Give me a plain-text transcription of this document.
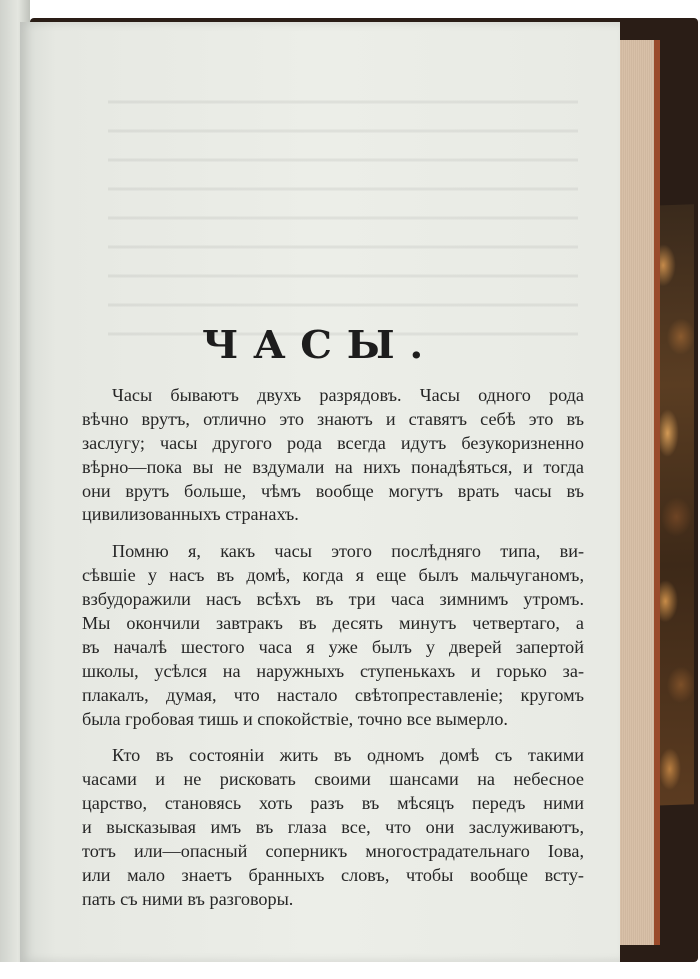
ЧАСЫ.
Часы бываютъ двухъ разрядовъ. Часы одного рода
вѣчно врутъ, отлично это знаютъ и ставятъ себѣ это въ
заслугу; часы другого рода всегда идутъ безукоризненно
вѣрно—пока вы не вздумали на нихъ понадѣяться, и тогда
они врутъ больше, чѣмъ вообще могутъ врать часы въ
цивилизованныхъ странахъ.
Помню я, какъ часы этого послѣдняго типа, ви-
сѣвшіе у насъ въ домѣ, когда я еще былъ мальчуганомъ,
взбудоражили насъ всѣхъ въ три часа зимнимъ утромъ.
Мы окончили завтракъ въ десять минутъ четвертаго, а
въ началѣ шестого часа я уже былъ у дверей запертой
школы, усѣлся на наружныхъ ступенькахъ и горько за-
плакалъ, думая, что настало свѣтопреставленіе; кругомъ
была гробовая тишь и спокойствіе, точно все вымерло.
Кто въ состояніи жить въ одномъ домѣ съ такими
часами и не рисковать своими шансами на небесное
царство, становясь хоть разъ въ мѣсяцъ передъ ними
и высказывая имъ въ глаза все, что они заслуживаютъ,
тотъ или—опасный соперникъ многострадательнаго Іова,
или мало знаетъ бранныхъ словъ, чтобы вообще всту-
пать съ ними въ разговоры.
